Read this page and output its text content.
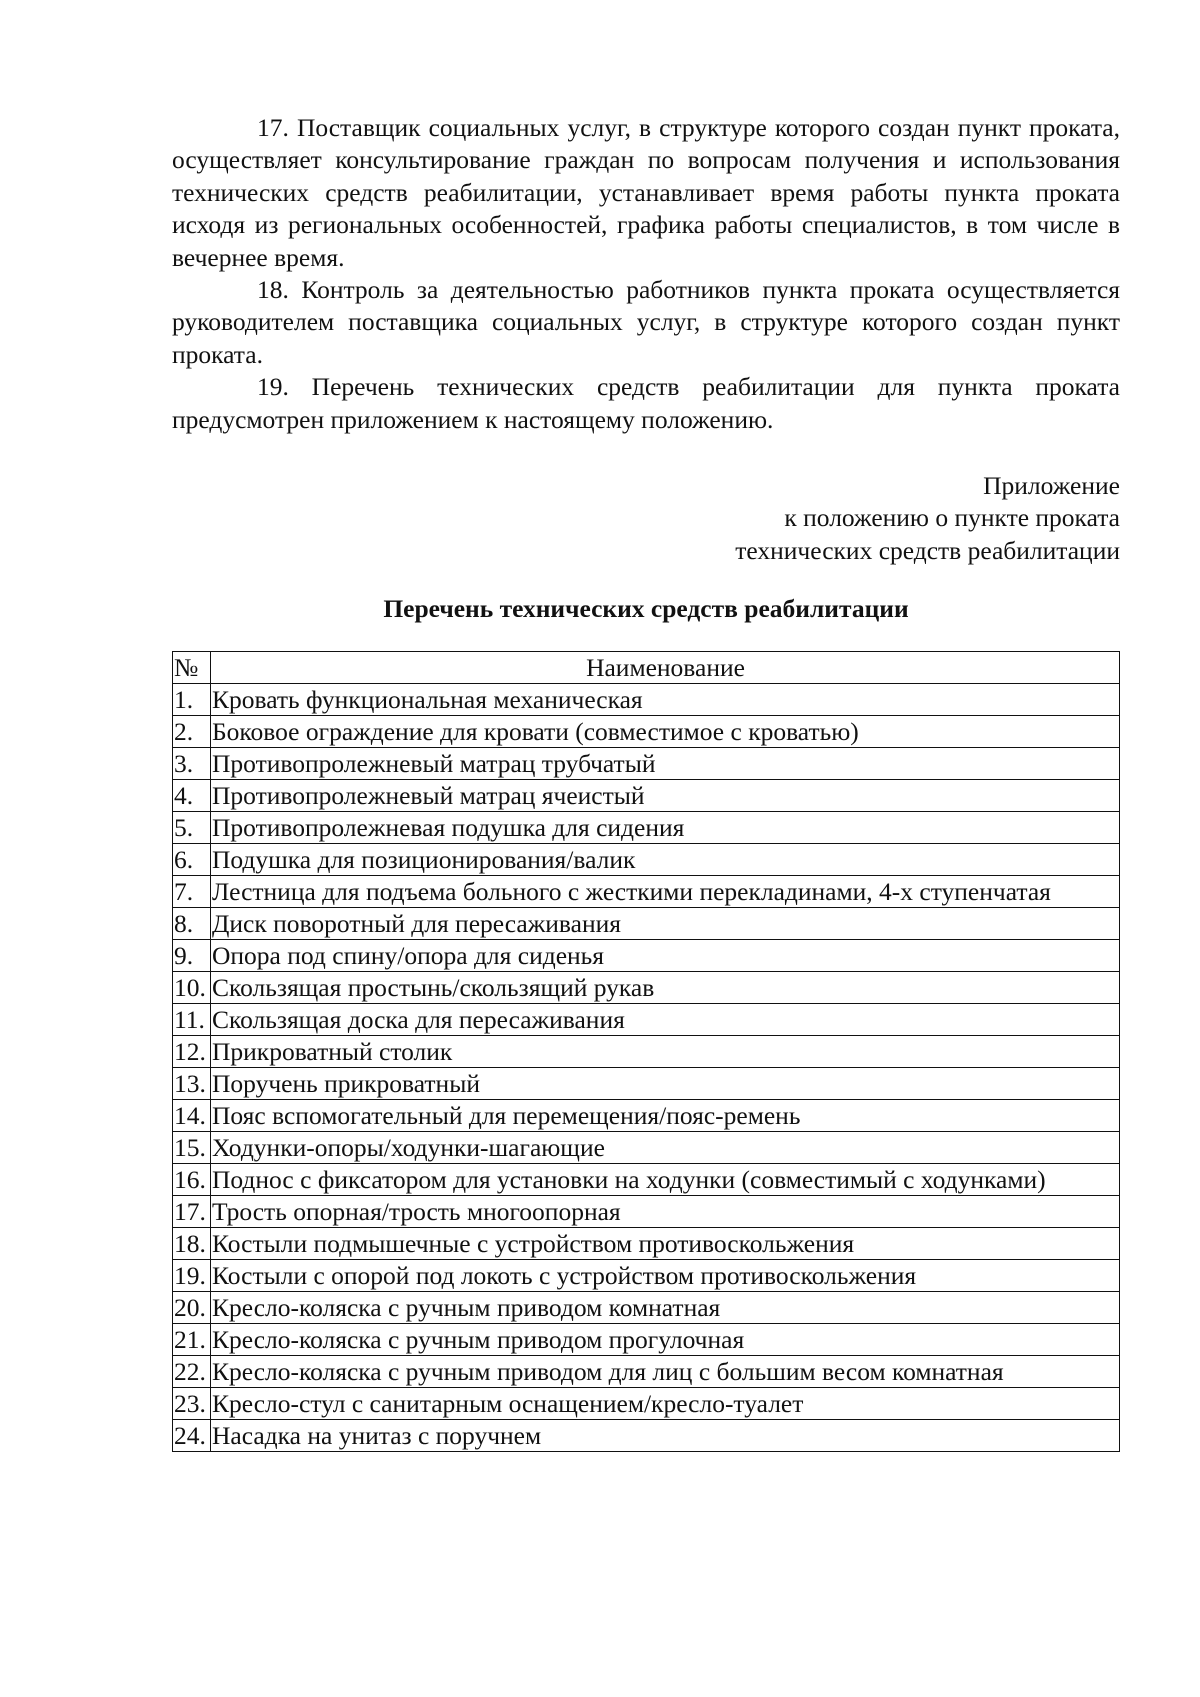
17. Поставщик социальных услуг, в структуре которого создан пункт проката, осуществляет консультирование граждан по вопросам получения и использования технических средств реабилитации, устанавливает время работы пункта проката исходя из региональных особенностей, графика работы специалистов, в том числе в вечернее время.

18. Контроль за деятельностью работников пункта проката осуществляется руководителем поставщика социальных услуг, в структуре которого создан пункт проката.

19. Перечень технических средств реабилитации для пункта проката предусмотрен приложением к настоящему положению.

Приложение
к положению о пункте проката
технических средств реабилитации
Перечень технических средств реабилитации
№	Наименование
1.	Кровать функциональная механическая
2.	Боковое ограждение для кровати (совместимое с кроватью)
3.	Противопролежневый матрац трубчатый
4.	Противопролежневый матрац ячеистый
5.	Противопролежневая подушка для сидения
6.	Подушка для позиционирования/валик
7.	Лестница для подъема больного с жесткими перекладинами, 4-х ступенчатая
8.	Диск поворотный для пересаживания
9.	Опора под спину/опора для сиденья
10.	Скользящая простынь/скользящий рукав
11.	Скользящая доска для пересаживания
12.	Прикроватный столик
13.	Поручень прикроватный
14.	Пояс вспомогательный для перемещения/пояс-ремень
15.	Ходунки-опоры/ходунки-шагающие
16.	Поднос с фиксатором для установки на ходунки (совместимый с ходунками)
17.	Трость опорная/трость многоопорная
18.	Костыли подмышечные с устройством противоскольжения
19.	Костыли с опорой под локоть с устройством противоскольжения
20.	Кресло-коляска с ручным приводом комнатная
21.	Кресло-коляска с ручным приводом прогулочная
22.	Кресло-коляска с ручным приводом для лиц с большим весом комнатная
23.	Кресло-стул с санитарным оснащением/кресло-туалет
24.	Насадка на унитаз с поручнем
